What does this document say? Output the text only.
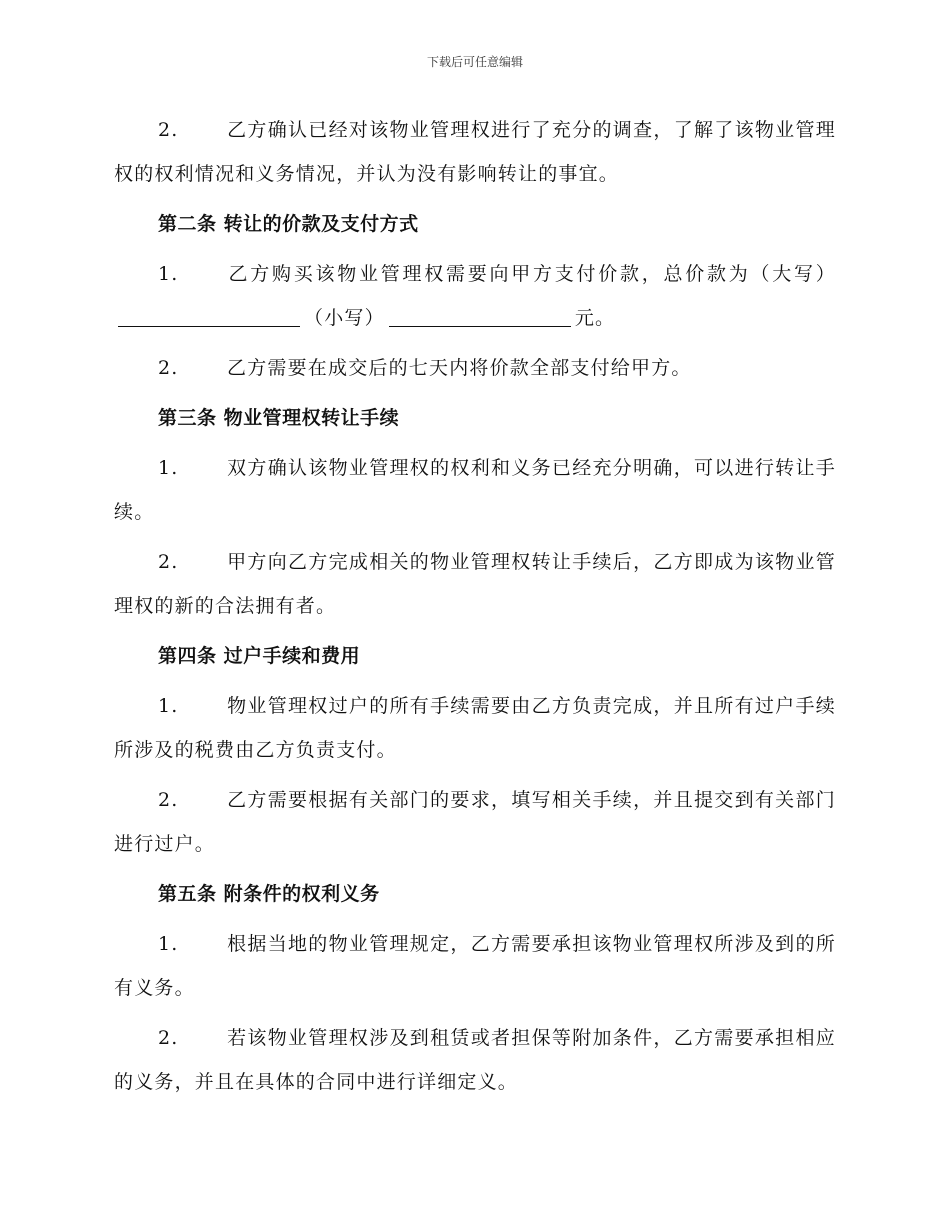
下载后可任意编辑

2.	乙方确认已经对该物业管理权进行了充分的调查，了解了该物业管理权的权利情况和义务情况，并认为没有影响转让的事宜。

第二条 转让的价款及支付方式

1.	乙方购买该物业管理权需要向甲方支付价款，总价款为（大写）（小写）	元。

2.	乙方需要在成交后的七天内将价款全部支付给甲方。

第三条 物业管理权转让手续

1.	双方确认该物业管理权的权利和义务已经充分明确，可以进行转让手续。

2.	甲方向乙方完成相关的物业管理权转让手续后，乙方即成为该物业管理权的新的合法拥有者。

第四条 过户手续和费用

1.	物业管理权过户的所有手续需要由乙方负责完成，并且所有过户手续所涉及的税费由乙方负责支付。

2.	乙方需要根据有关部门的要求，填写相关手续，并且提交到有关部门进行过户。

第五条 附条件的权利义务

1.	根据当地的物业管理规定，乙方需要承担该物业管理权所涉及到的所有义务。

2.	若该物业管理权涉及到租赁或者担保等附加条件，乙方需要承担相应的义务，并且在具体的合同中进行详细定义。
